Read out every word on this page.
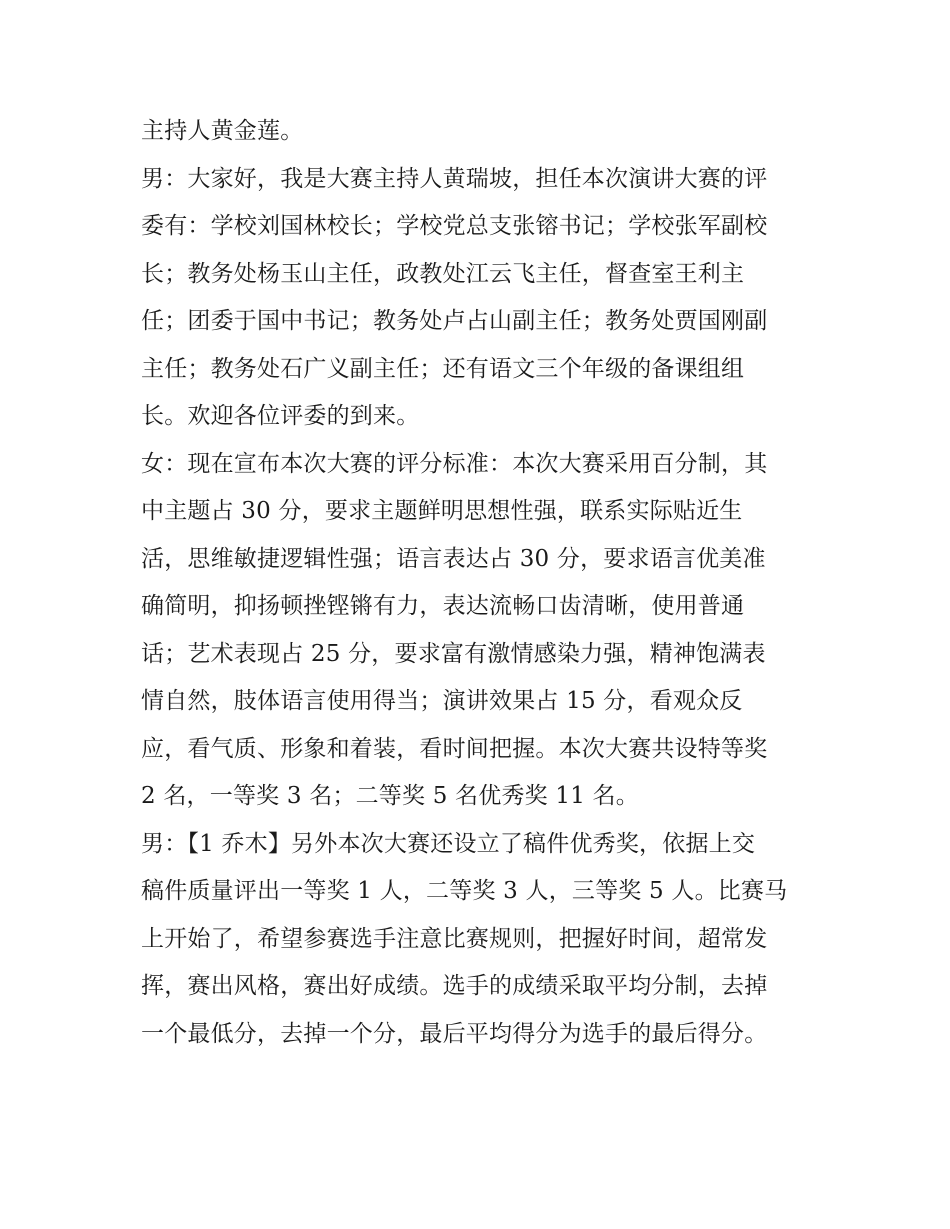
主持人黄金莲。
男：大家好，我是大赛主持人黄瑞坡，担任本次演讲大赛的评
委有：学校刘国林校长；学校党总支张镕书记；学校张军副校
长；教务处杨玉山主任，政教处江云飞主任，督查室王利主
任；团委于国中书记；教务处卢占山副主任；教务处贾国刚副
主任；教务处石广义副主任；还有语文三个年级的备课组组
长。欢迎各位评委的到来。
女：现在宣布本次大赛的评分标准：本次大赛采用百分制，其
中主题占 30 分，要求主题鲜明思想性强，联系实际贴近生
活，思维敏捷逻辑性强；语言表达占 30 分，要求语言优美准
确简明，抑扬顿挫铿锵有力，表达流畅口齿清晰，使用普通
话；艺术表现占 25 分，要求富有激情感染力强，精神饱满表
情自然，肢体语言使用得当；演讲效果占 15 分，看观众反
应，看气质、形象和着装，看时间把握。本次大赛共设特等奖
2 名，一等奖 3 名；二等奖 5 名优秀奖 11 名。
男：【1 乔木】另外本次大赛还设立了稿件优秀奖，依据上交
稿件质量评出一等奖 1 人，二等奖 3 人，三等奖 5 人。比赛马
上开始了，希望参赛选手注意比赛规则，把握好时间，超常发
挥，赛出风格，赛出好成绩。选手的成绩采取平均分制，去掉
一个最低分，去掉一个分，最后平均得分为选手的最后得分。
